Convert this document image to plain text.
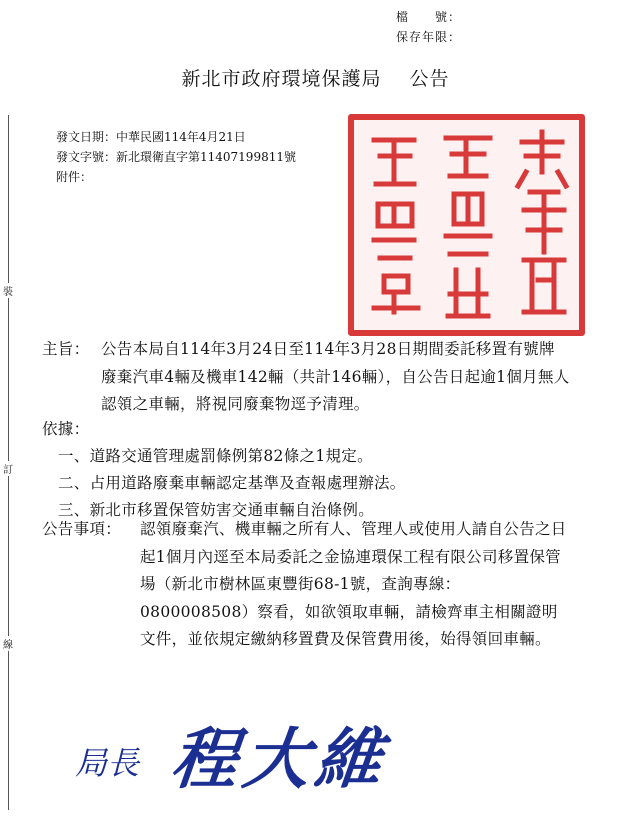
檔　　號：
保存年限：
新北市政府環境保護局 公告
裝
訂
線
發文日期：中華民國114年4月21日
發文字號：新北環衛直字第11407199811號
附件：
主旨： 公告本局自114年3月24日至114年3月28日期間委託移置有號牌廢棄汽車4輛及機車142輛（共計146輛），自公告日起逾1個月無人認領之車輛，將視同廢棄物逕予清理。
依據：
一、道路交通管理處罰條例第82條之1規定。
二、占用道路廢棄車輛認定基準及查報處理辦法。
三、新北市移置保管妨害交通車輛自治條例。
公告事項： 認領廢棄汽、機車輛之所有人、管理人或使用人請自公告之日起1個月內逕至本局委託之金協連環保工程有限公司移置保管場（新北市樹林區東豐街68-1號，查詢專線：0800008508）察看，如欲領取車輛，請檢齊車主相關證明文件，並依規定繳納移置費及保管費用後，始得領回車輛。
局長 程大維
